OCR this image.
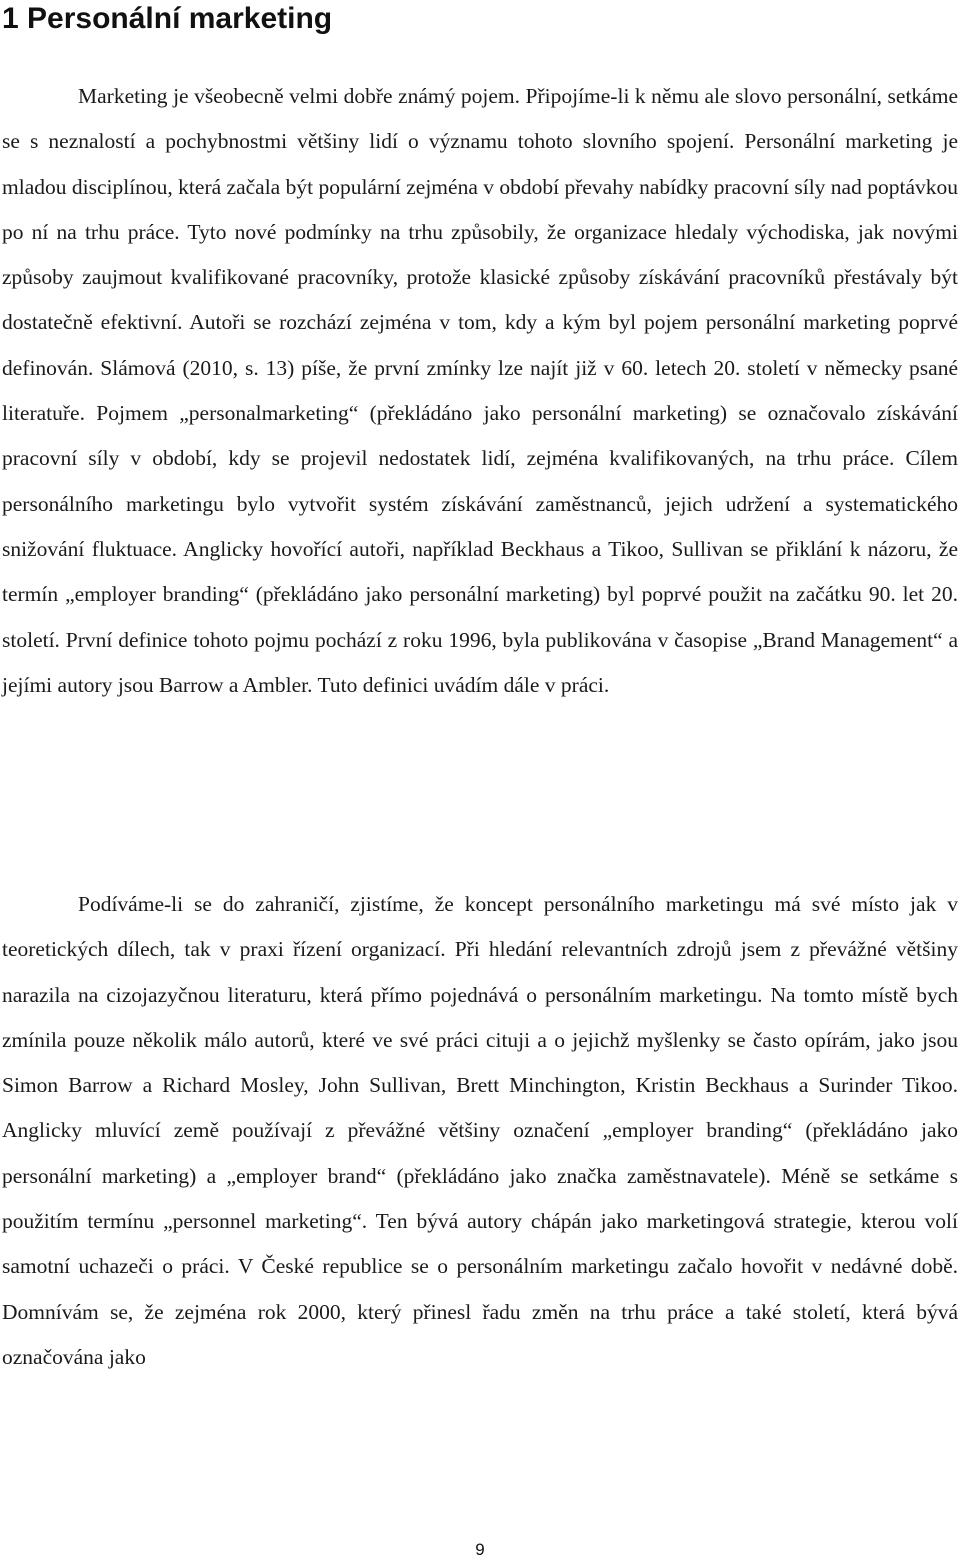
1 Personální marketing

Marketing je všeobecně velmi dobře známý pojem. Připojíme-li k němu ale slovo personální, setkáme se s neznalostí a pochybnostmi většiny lidí o významu tohoto slovního spojení. Personální marketing je mladou disciplínou, která začala být populární zejména v období převahy nabídky pracovní síly nad poptávkou po ní na trhu práce. Tyto nové podmínky na trhu způsobily, že organizace hledaly východiska, jak novými způsoby zaujmout kvalifikované pracovníky, protože klasické způsoby získávání pracovníků přestávaly být dostatečně efektivní. Autoři se rozchází zejména v tom, kdy a kým byl pojem personální marketing poprvé definován. Slámová (2010, s. 13) píše, že první zmínky lze najít již v 60. letech 20. století v německy psané literatuře. Pojmem „personalmarketing“ (překládáno jako personální marketing) se označovalo získávání pracovní síly v období, kdy se projevil nedostatek lidí, zejména kvalifikovaných, na trhu práce. Cílem personálního marketingu bylo vytvořit systém získávání zaměstnanců, jejich udržení a systematického snižování fluktuace. Anglicky hovořící autoři, například Beckhaus a Tikoo, Sullivan se přiklání k názoru, že termín „employer branding“ (překládáno jako personální marketing) byl poprvé použit na začátku 90. let 20. století. První definice tohoto pojmu pochází z roku 1996, byla publikována v časopise „Brand Management“ a jejími autory jsou Barrow a Ambler. Tuto definici uvádím dále v práci.

Podíváme-li se do zahraničí, zjistíme, že koncept personálního marketingu má své místo jak v teoretických dílech, tak v praxi řízení organizací. Při hledání relevantních zdrojů jsem z převážné většiny narazila na cizojazyčnou literaturu, která přímo pojednává o personálním marketingu. Na tomto místě bych zmínila pouze několik málo autorů, které ve své práci cituji a o jejichž myšlenky se často opírám, jako jsou Simon Barrow a Richard Mosley, John Sullivan, Brett Minchington, Kristin Beckhaus a Surinder Tikoo. Anglicky mluvící země používají z převážné většiny označení „employer branding“ (překládáno jako personální marketing) a „employer brand“ (překládáno jako značka zaměstnavatele). Méně se setkáme s použitím termínu „personnel marketing“. Ten bývá autory chápán jako marketingová strategie, kterou volí samotní uchazeči o práci. V České republice se o personálním marketingu začalo hovořit v nedávné době. Domnívám se, že zejména rok 2000, který přinesl řadu změn na trhu práce a také století, která bývá označována jako

9
